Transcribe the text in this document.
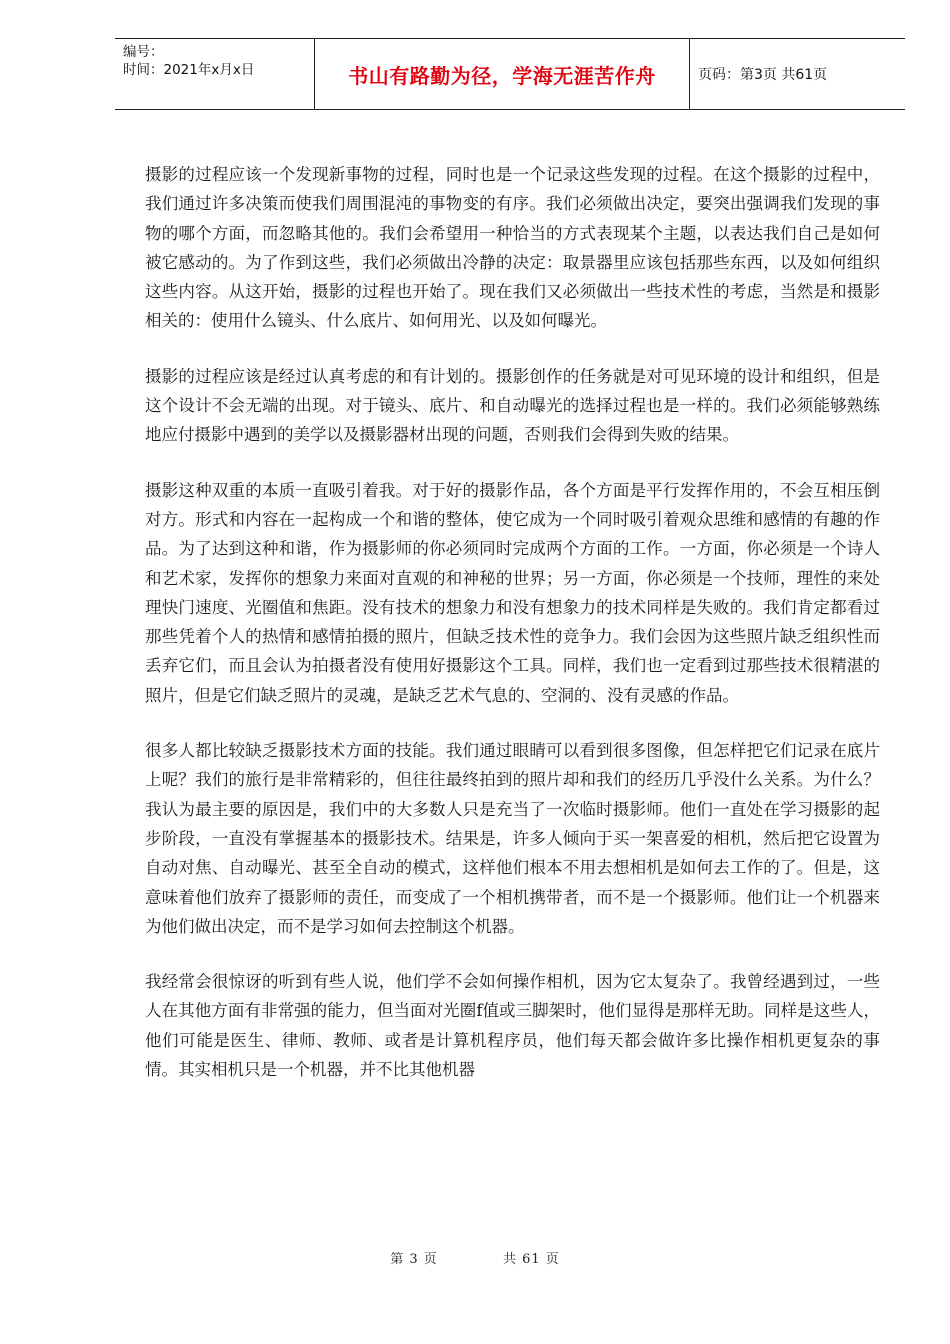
编号：
时间：2021年x月x日	书山有路勤为径，学海无涯苦作舟	页码：第3页 共61页

摄影的过程应该一个发现新事物的过程，同时也是一个记录这些发现的过程。在这个摄影的过程中，我们通过许多决策而使我们周围混沌的事物变的有序。我们必须做出决定，要突出强调我们发现的事物的哪个方面，而忽略其他的。我们会希望用一种恰当的方式表现某个主题，以表达我们自己是如何被它感动的。为了作到这些，我们必须做出冷静的决定：取景器里应该包括那些东西，以及如何组织这些内容。从这开始，摄影的过程也开始了。现在我们又必须做出一些技术性的考虑，当然是和摄影相关的：使用什么镜头、什么底片、如何用光、以及如何曝光。

摄影的过程应该是经过认真考虑的和有计划的。摄影创作的任务就是对可见环境的设计和组织，但是这个设计不会无端的出现。对于镜头、底片、和自动曝光的选择过程也是一样的。我们必须能够熟练地应付摄影中遇到的美学以及摄影器材出现的问题，否则我们会得到失败的结果。

摄影这种双重的本质一直吸引着我。对于好的摄影作品，各个方面是平行发挥作用的，不会互相压倒对方。形式和内容在一起构成一个和谐的整体，使它成为一个同时吸引着观众思维和感情的有趣的作品。为了达到这种和谐，作为摄影师的你必须同时完成两个方面的工作。一方面，你必须是一个诗人和艺术家，发挥你的想象力来面对直观的和神秘的世界；另一方面，你必须是一个技师，理性的来处理快门速度、光圈值和焦距。没有技术的想象力和没有想象力的技术同样是失败的。我们肯定都看过那些凭着个人的热情和感情拍摄的照片，但缺乏技术性的竞争力。我们会因为这些照片缺乏组织性而丢弃它们，而且会认为拍摄者没有使用好摄影这个工具。同样，我们也一定看到过那些技术很精湛的照片，但是它们缺乏照片的灵魂，是缺乏艺术气息的、空洞的、没有灵感的作品。

很多人都比较缺乏摄影技术方面的技能。我们通过眼睛可以看到很多图像，但怎样把它们记录在底片上呢？我们的旅行是非常精彩的，但往往最终拍到的照片却和我们的经历几乎没什么关系。为什么？我认为最主要的原因是，我们中的大多数人只是充当了一次临时摄影师。他们一直处在学习摄影的起步阶段，一直没有掌握基本的摄影技术。结果是，许多人倾向于买一架喜爱的相机，然后把它设置为自动对焦、自动曝光、甚至全自动的模式，这样他们根本不用去想相机是如何去工作的了。但是，这意味着他们放弃了摄影师的责任，而变成了一个相机携带者，而不是一个摄影师。他们让一个机器来为他们做出决定，而不是学习如何去控制这个机器。

我经常会很惊讶的听到有些人说，他们学不会如何操作相机，因为它太复杂了。我曾经遇到过，一些人在其他方面有非常强的能力，但当面对光圈f值或三脚架时，他们显得是那样无助。同样是这些人，他们可能是医生、律师、教师、或者是计算机程序员，他们每天都会做许多比操作相机更复杂的事情。其实相机只是一个机器，并不比其他机器

第 3 页	共 61 页
